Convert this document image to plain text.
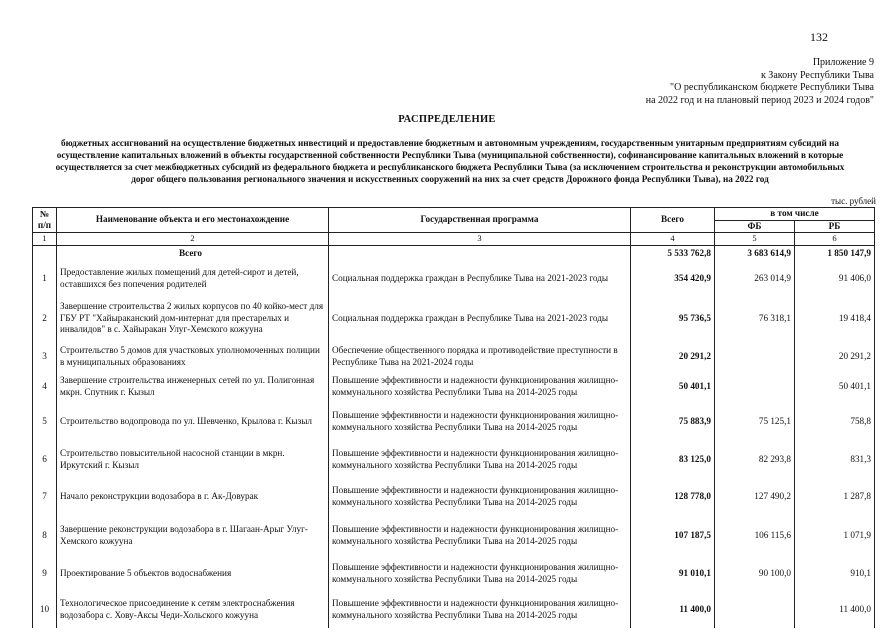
132
Приложение 9
к Закону Республики Тыва
"О республиканском бюджете Республики Тыва
на 2022 год и на плановый период 2023 и 2024 годов"
РАСПРЕДЕЛЕНИЕ
бюджетных ассигнований на осуществление бюджетных инвестиций и предоставление бюджетным и автономным учреждениям, государственным унитарным предприятиям субсидий на
осуществление капитальных вложений в объекты государственной собственности Республики Тыва (муниципальной собственности), софинансирование капитальных вложений в которые
осуществляется за счет межбюджетных субсидий из федерального бюджета и республиканского бюджета Республики Тыва (за исключением строительства и реконструкции автомобильных
дорог общего пользования регионального значения и искусственных сооружений на них за счет средств Дорожного фонда Республики Тыва), на 2022 год
тыс. рублей
№ п/п	Наименование объекта и его местонахождение	Государственная программа	Всего	в том числе	
				ФБ	РБ
1	2	3	4	5	6
		Всего	5 533 762,8	3 683 614,9	1 850 147,9
1	Предоставление жилых помещений для детей-сирот и детей, оставшихся без попечения родителей	Социальная поддержка граждан в Республике Тыва на 2021-2023 годы	354 420,9	263 014,9	91 406,0
2	Завершение строительства 2 жилых корпусов по 40 койко-мест для ГБУ РТ "Хайыраканский дом-интернат для престарелых и инвалидов" в с. Хайыракан Улуг-Хемского кожууна	Социальная поддержка граждан в Республике Тыва на 2021-2023 годы	95 736,5	76 318,1	19 418,4
3	Строительство 5 домов для участковых уполномоченных полиции в муниципальных образованиях	Обеспечение общественного порядка и противодействие преступности в Республике Тыва на 2021-2024 годы	20 291,2		20 291,2
4	Завершение строительства инженерных сетей по ул. Полигонная мкрн. Спутник г. Кызыл	Повышение эффективности и надежности функционирования жилищно-коммунального хозяйства Республики Тыва на 2014-2025 годы	50 401,1		50 401,1
5	Строительство водопровода по ул. Шевченко, Крылова г. Кызыл	Повышение эффективности и надежности функционирования жилищно-коммунального хозяйства Республики Тыва на 2014-2025 годы	75 883,9	75 125,1	758,8
6	Строительство повысительной насосной станции в мкрн. Иркутский г. Кызыл	Повышение эффективности и надежности функционирования жилищно-коммунального хозяйства Республики Тыва на 2014-2025 годы	83 125,0	82 293,8	831,3
7	Начало реконструкции водозабора в г. Ак-Довурак	Повышение эффективности и надежности функционирования жилищно-коммунального хозяйства Республики Тыва на 2014-2025 годы	128 778,0	127 490,2	1 287,8
8	Завершение реконструкции водозабора в г. Шагаан-Арыг Улуг-Хемского кожууна	Повышение эффективности и надежности функционирования жилищно-коммунального хозяйства Республики Тыва на 2014-2025 годы	107 187,5	106 115,6	1 071,9
9	Проектирование 5 объектов водоснабжения	Повышение эффективности и надежности функционирования жилищно-коммунального хозяйства Республики Тыва на 2014-2025 годы	91 010,1	90 100,0	910,1
10	Технологическое присоединение к сетям электроснабжения водозабора с. Хову-Аксы Чеди-Хольского кожууна	Повышение эффективности и надежности функционирования жилищно-коммунального хозяйства Республики Тыва на 2014-2025 годы	11 400,0		11 400,0
